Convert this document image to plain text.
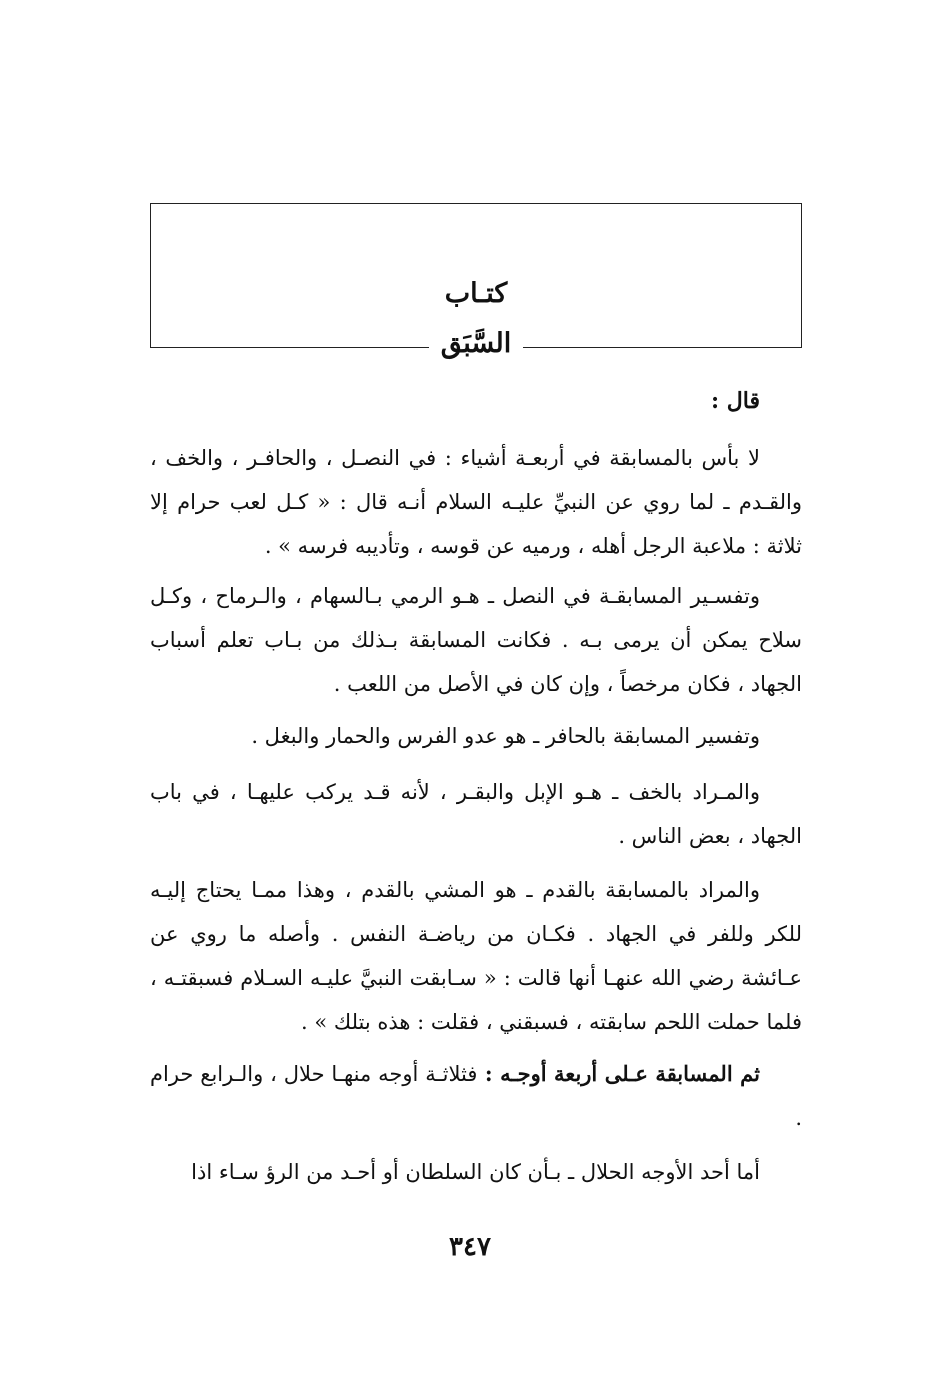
كتـاب
السَّبَق
قال :

لا بأس بالمسابقة في أربعـة أشياء : في النصـل ، والحافـر ، والخف ، والقـدم ـ لما روي عن النبيِّ عليـه السلام أنـه قال : « كـل لعب حرام إلا ثلاثة : ملاعبة الرجل أهله ، ورميه عن قوسه ، وتأديبه فرسه » .

وتفسـير المسابقـة في النصل ـ هـو الرمي بـالسهام ، والـرماح ، وكـل سلاح يمكن أن يرمى بـه . فكانت المسابقة بـذلك من بـاب تعلم أسباب الجهاد ، فكان مرخصاً ، وإن كان في الأصل من اللعب .

وتفسير المسابقة بالحافر ـ هو عدو الفرس والحمار والبغل .

والمـراد بالخف ـ هـو الإبل والبقـر ، لأنه قـد يركب عليهـا ، في باب الجهاد ، بعض الناس .

والمراد بالمسابقة بالقدم ـ هو المشي بالقدم ، وهذا ممـا يحتاج إليـه للكر وللفر في الجهاد . فكـان من رياضـة النفس . وأصله ما روي عن عـائشة رضي الله عنهـا أنها قالت : « سـابقت النبيَّ عليـه السـلام فسبقتـه ، فلما حملت اللحم سابقته ، فسبقني ، فقلت : هذه بتلك » .

ثم المسابقة عـلى أربعة أوجـه : فثلاثـة أوجه منهـا حلال ، والـرابع حرام .

أما أحد الأوجه الحلال ـ بـأن كان السلطان أو أحـد من الرؤ سـاء اذا

٣٤٧
